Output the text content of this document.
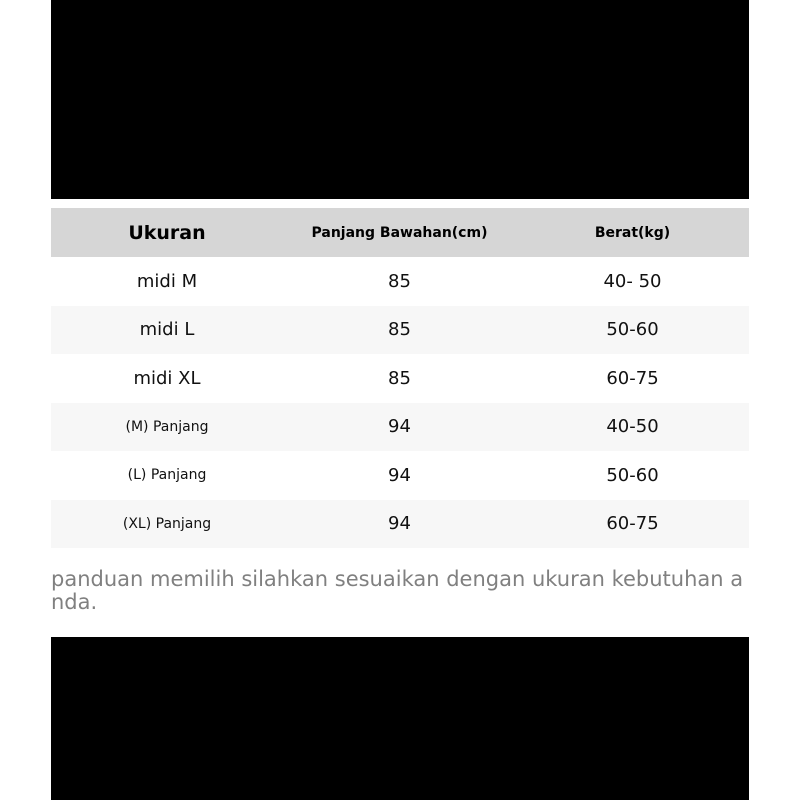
Ukuran	Panjang Bawahan(cm)	Berat(kg)
midi M	85	40- 50
midi L	85	50-60
midi XL	85	60-75
(M) Panjang	94	40-50
(L) Panjang	94	50-60
(XL) Panjang	94	60-75

panduan memilih silahkan sesuaikan dengan ukuran kebutuhan anda.
